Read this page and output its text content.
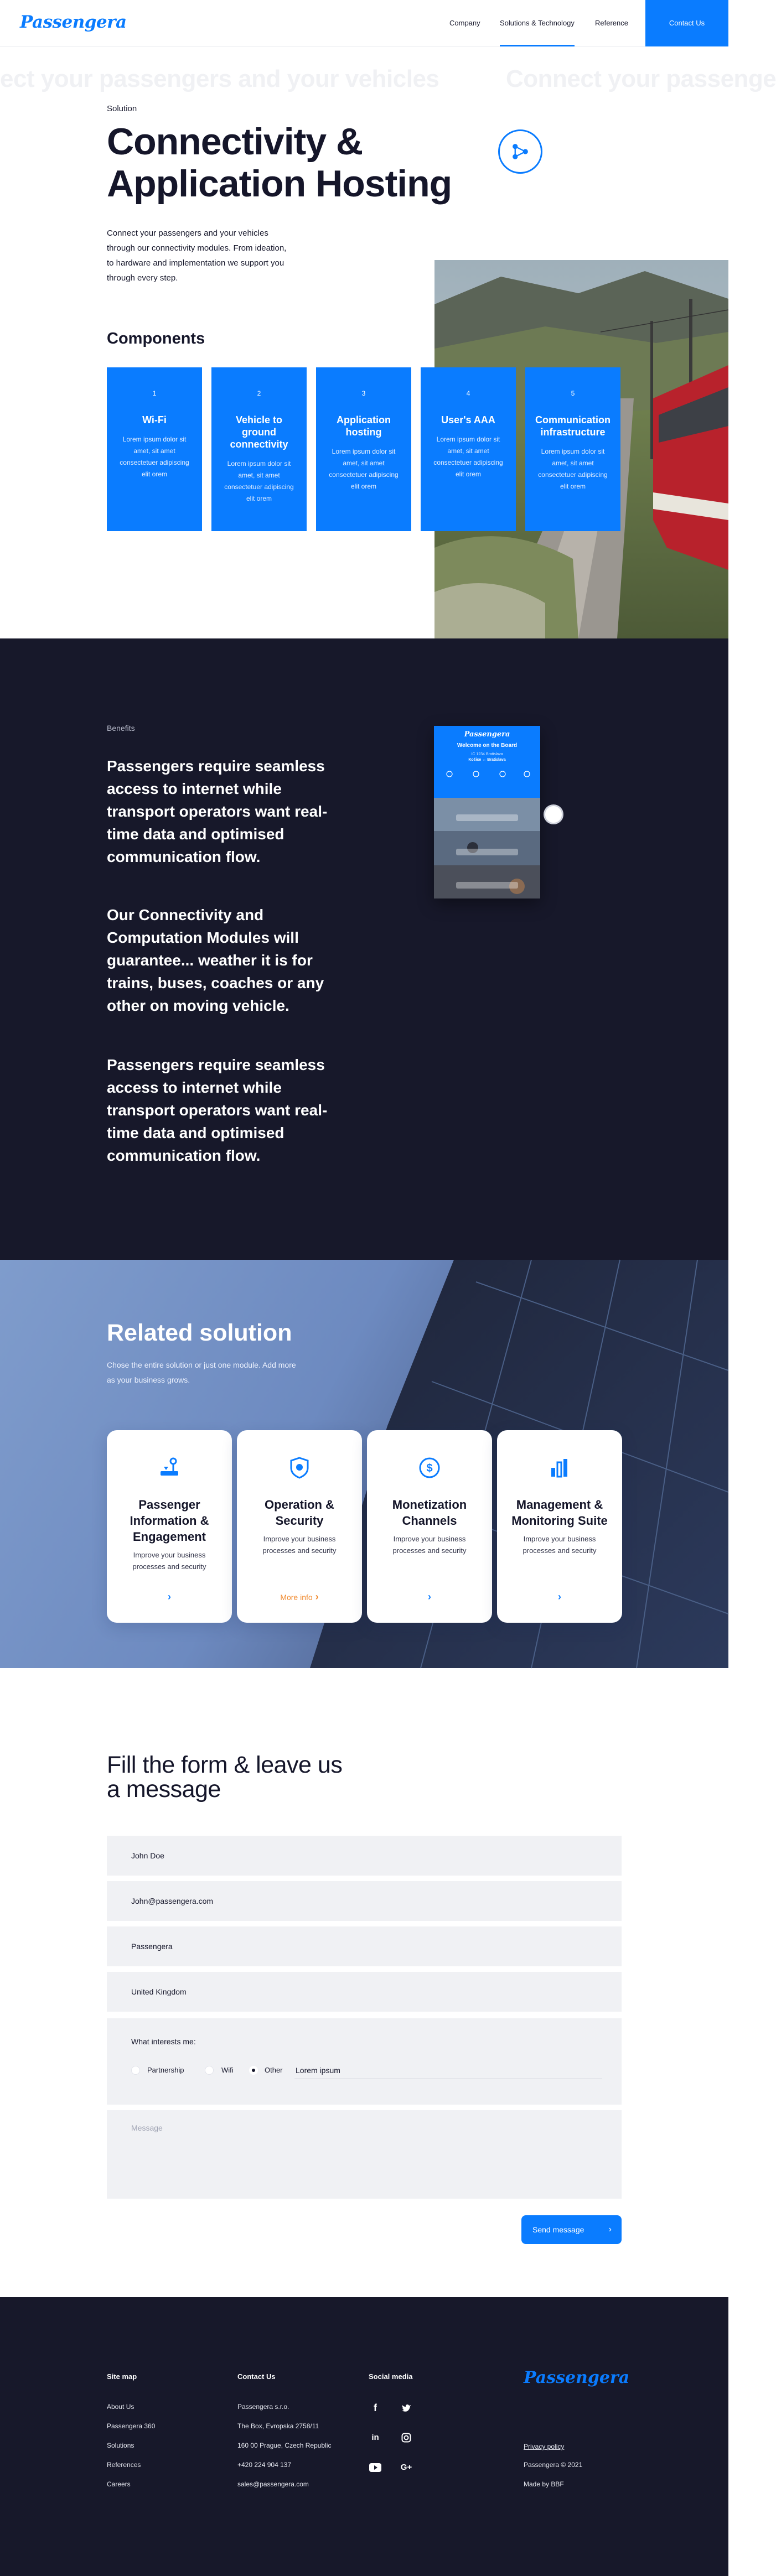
Passengera	Company	Solutions & Technology	Reference	Contact Us
ect your passengers and your vehicles	Connect your passenge
Solution
Connectivity & Application Hosting
Connect your passengers and your vehicles through our connectivity modules. From ideation, to hardware and implementation we support you through every step.
Components
1
Wi-Fi
Lorem ipsum dolor sit amet, sit amet consectetuer adipiscing elit orem
2
Vehicle to ground connectivity
Lorem ipsum dolor sit amet, sit amet consectetuer adipiscing elit orem
3
Application hosting
Lorem ipsum dolor sit amet, sit amet consectetuer adipiscing elit orem
4
User's AAA
Lorem ipsum dolor sit amet, sit amet consectetuer adipiscing elit orem
5
Communication infrastructure
Lorem ipsum dolor sit amet, sit amet consectetuer adipiscing elit orem
Benefits
Passengers require seamless access to internet while transport operators want real-time data and optimised communication flow.
Our Connectivity and Computation Modules will guarantee... weather it is for trains, buses, coaches or any other on moving vehicle.
Passengers require seamless access to internet while transport operators want real-time data and optimised communication flow.
Passengera
Welcome on the Board
IC 1234 Bratislava
Košice ↔ Bratislava
Related solution
Chose the entire solution or just one module. Add more as your business grows.
Passenger Information & Engagement
Improve your business processes and security
›
Operation & Security
Improve your business processes and security
More info ›
$
Monetization Channels
Improve your business processes and security
›
Management & Monitoring Suite
Improve your business processes and security
›
Fill the form & leave us a message
John Doe
John@passengera.com
Passengera
United Kingdom
What interests me:
Partnership	Wifi	Other
Lorem ipsum
Message
Send message	›
Site map
About Us
Passengera 360
Solutions
References
Careers
Contact Us
Passengera s.r.o.
The Box, Evropska 2758/11
160 00 Prague, Czech Republic
+420 224 904 137
sales@passengera.com
Social media
f
in
G+
Passengera
Privacy policy
Passengera © 2021
Made by BBF
